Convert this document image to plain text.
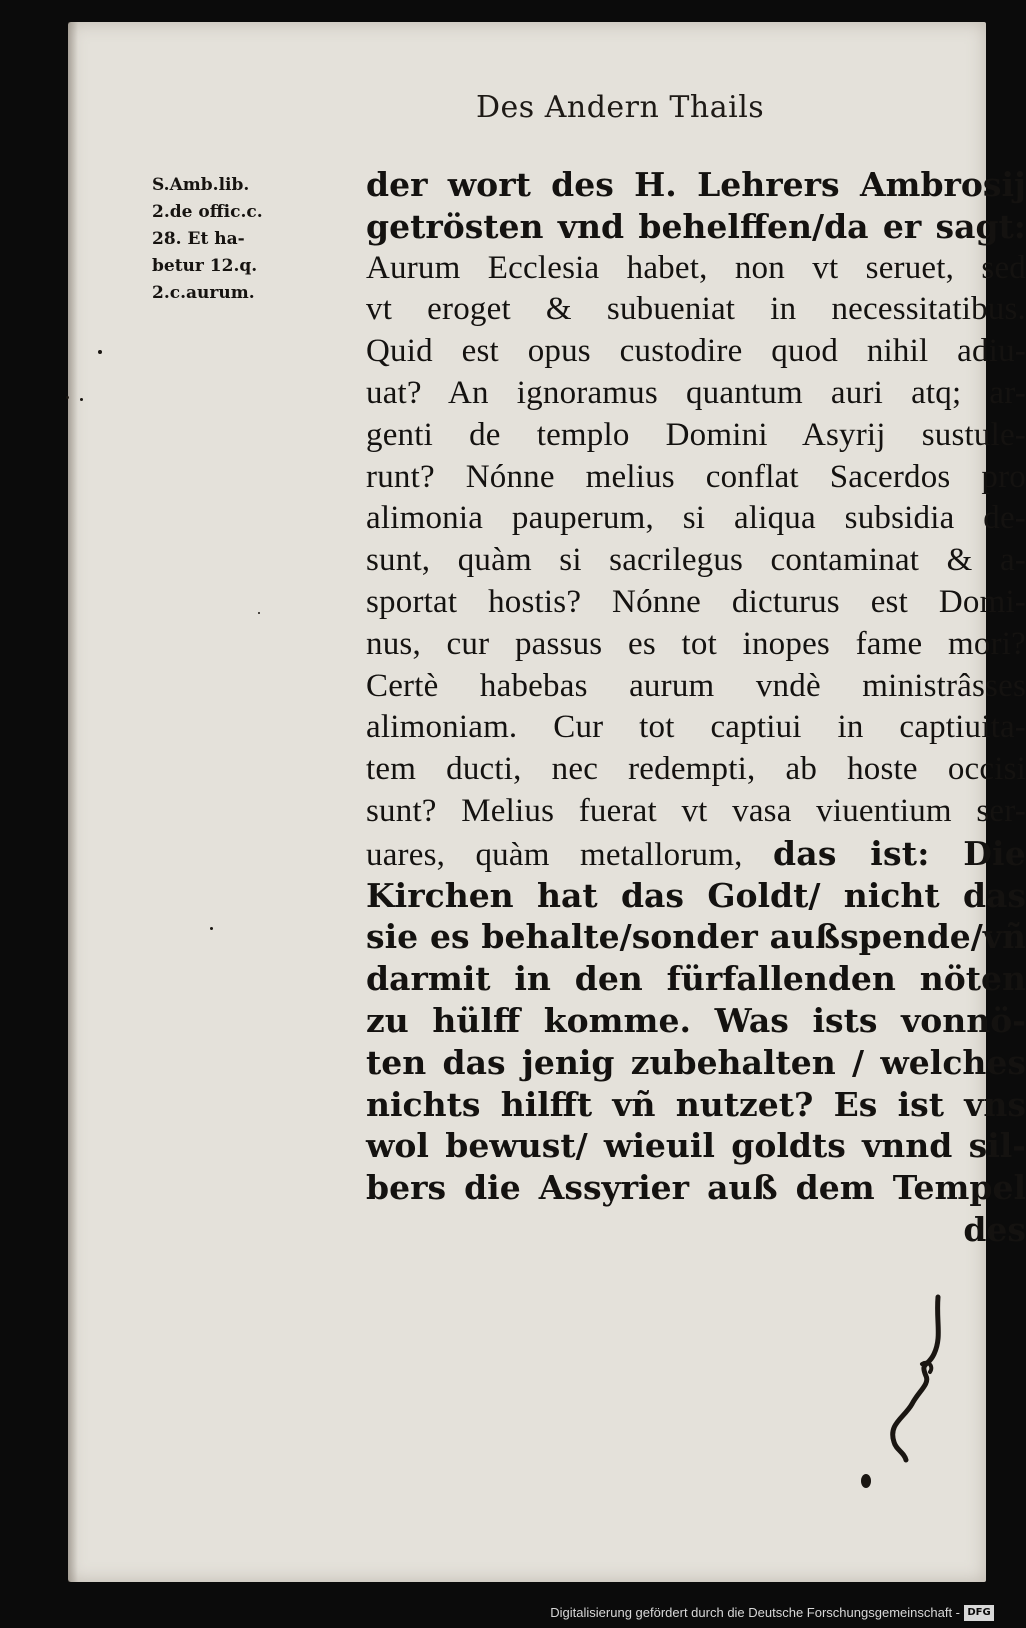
Des Andern Thails
S.Amb.lib.
2.de offic.c.
28. Et ha-
betur 12.q.
2.c.aurum.
der wort des H. Lehrers Ambrosij
getrösten vnd behelffen/da er sagt:
Aurum Ecclesia habet, non vt seruet, sed
vt eroget & subueniat in necessitatibus.
Quid est opus custodire quod nihil adiu-
uat? An ignoramus quantum auri atq; ar-
genti de templo Domini Asyrij sustule-
runt? Nónne melius conflat Sacerdos pro
alimonia pauperum, si aliqua subsidia de-
sunt, quàm si sacrilegus contaminat & a-
sportat hostis? Nónne dicturus est Domi-
nus, cur passus es tot inopes fame mori?
Certè habebas aurum vndè ministrâsses
alimoniam. Cur tot captiui in captiuita-
tem ducti, nec redempti, ab hoste occisi
sunt? Melius fuerat vt vasa viuentium ser-
uares, quàm metallorum, das ist: Die
Kirchen hat das Goldt/ nicht das
sie es behalte/sonder außspende/vñ
darmit in den fürfallenden nöten
zu hülff komme. Was ists vonnö-
ten das jenig zubehalten / welches
nichts hilfft vñ nutzet? Es ist vns
wol bewust/ wieuil goldts vnnd sil-
bers die Assyrier auß dem Tempel
des
Digitalisierung gefördert durch die Deutsche Forschungsgemeinschaft - DFG
